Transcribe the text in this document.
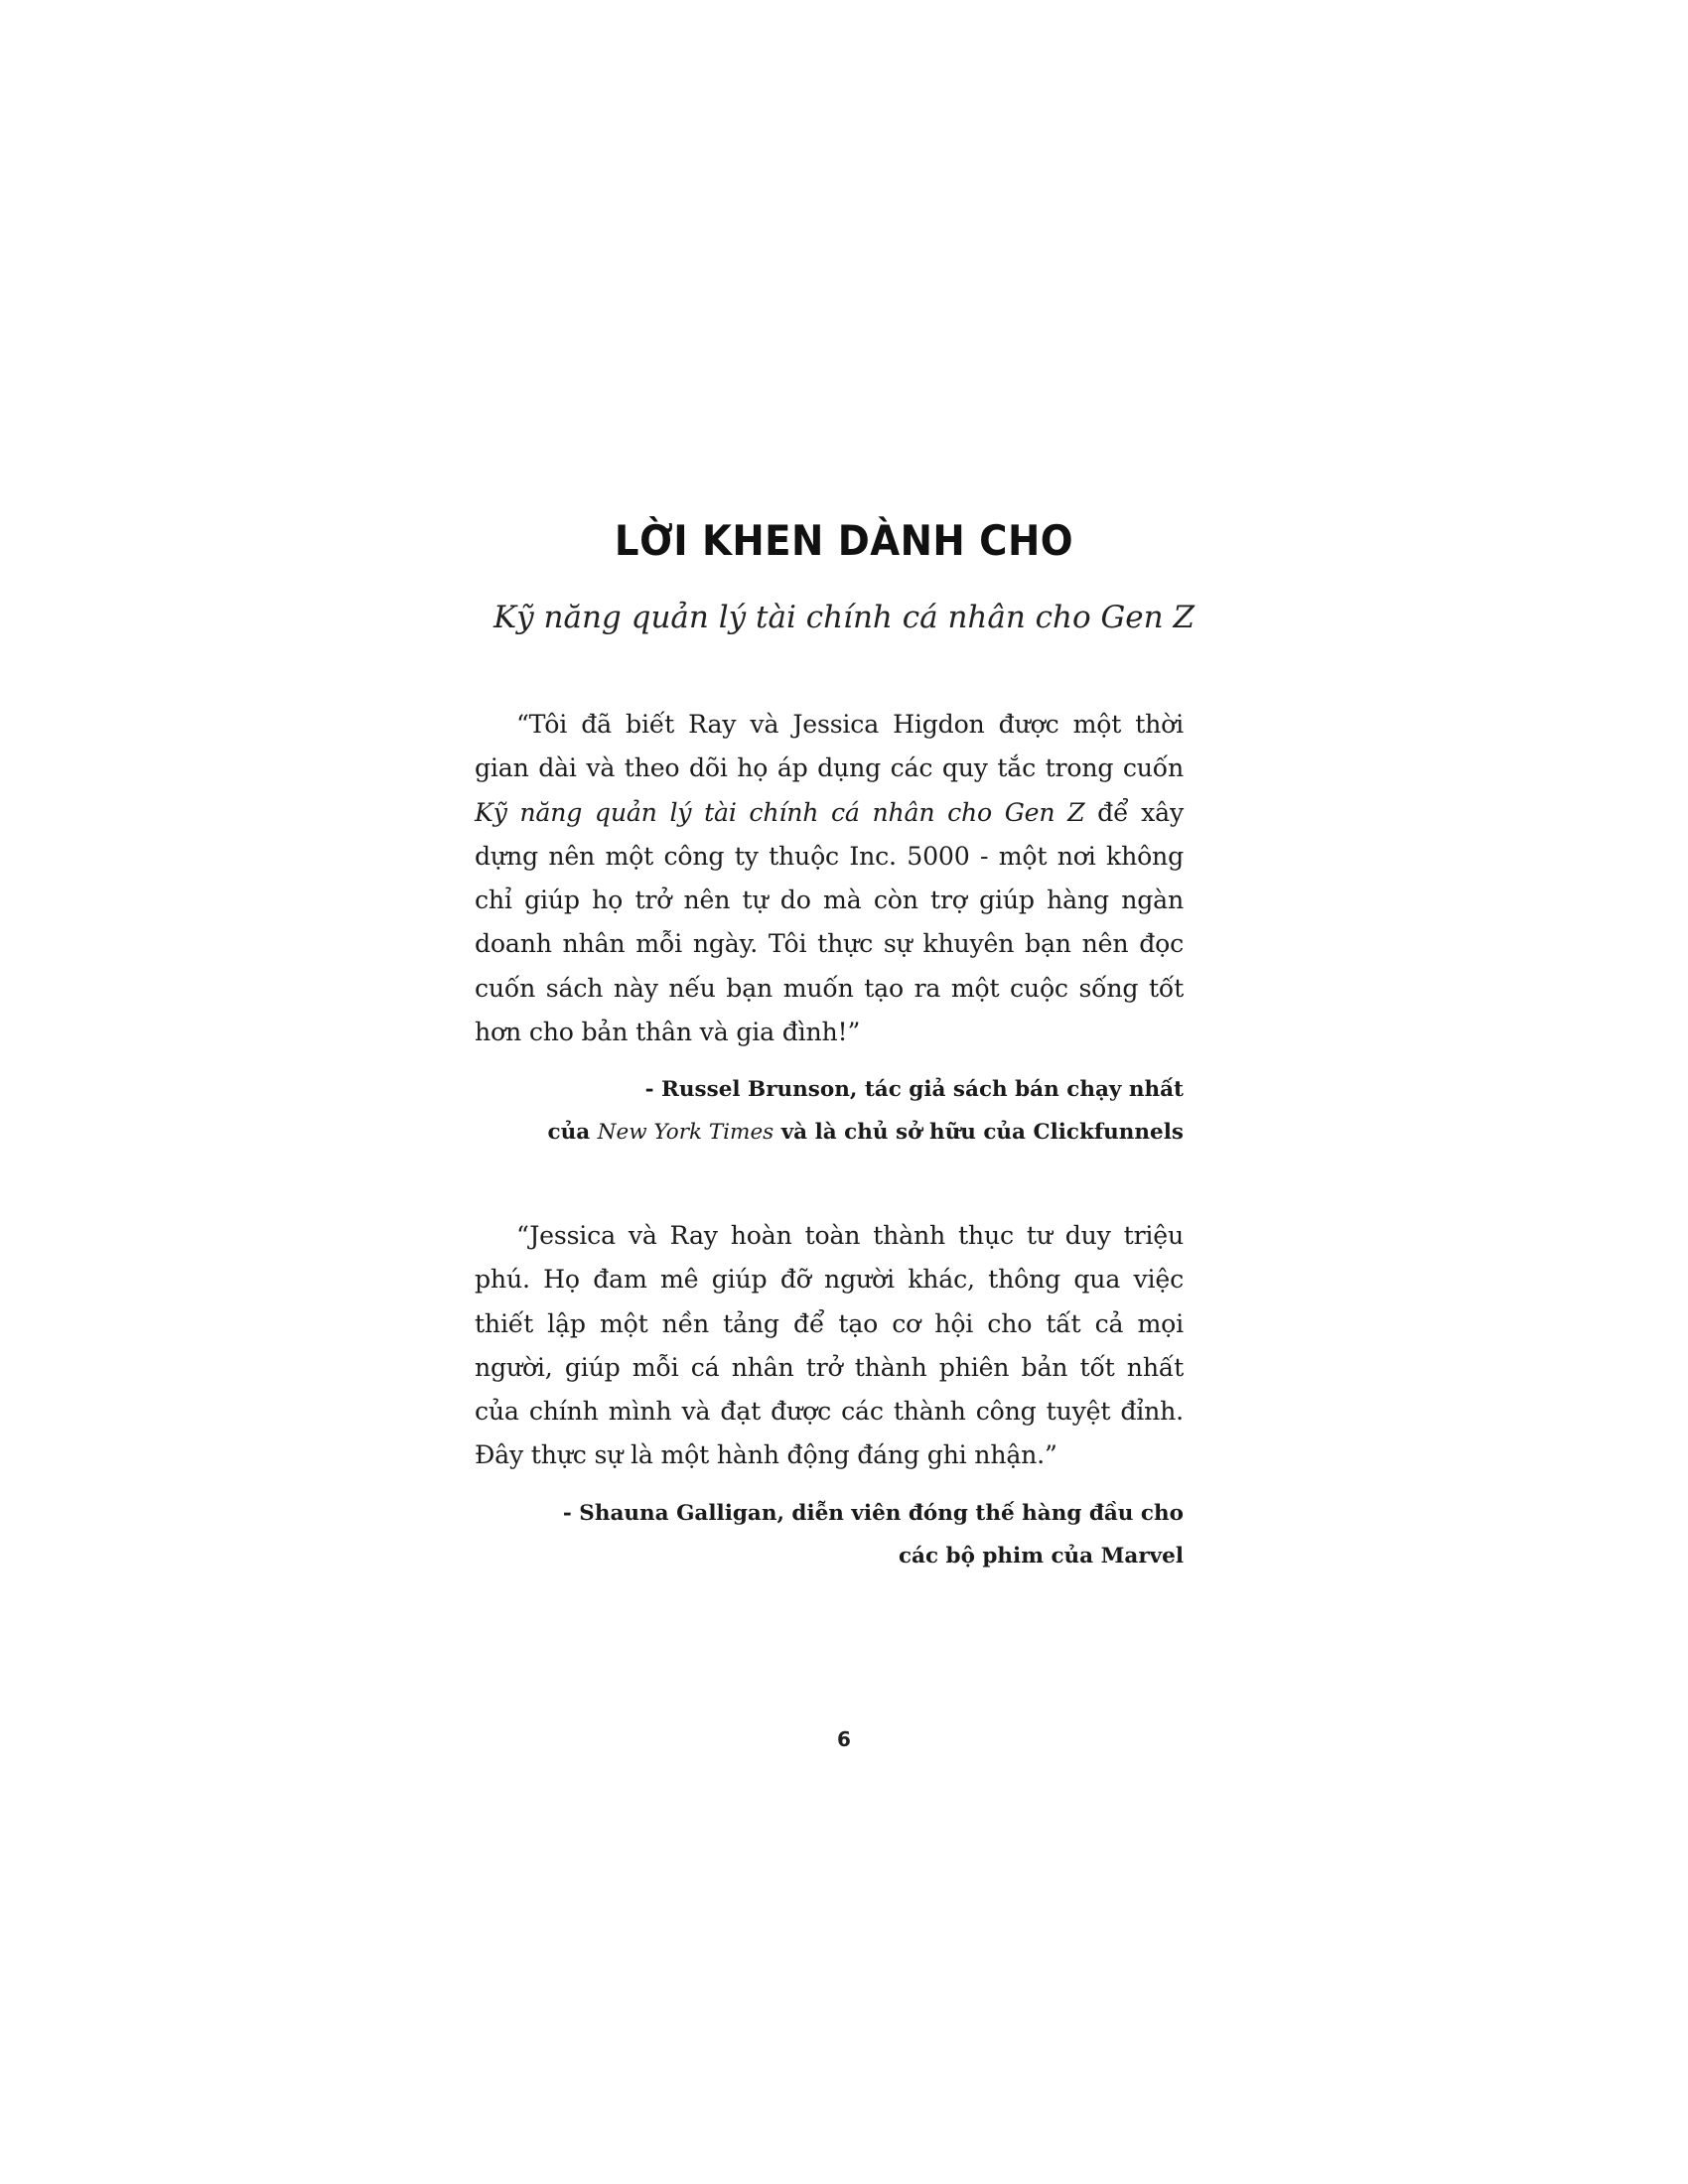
LỜI KHEN DÀNH CHO
Kỹ năng quản lý tài chính cá nhân cho Gen Z

“Tôi đã biết Ray và Jessica Higdon được một thời gian dài và theo dõi họ áp dụng các quy tắc trong cuốn Kỹ năng quản lý tài chính cá nhân cho Gen Z để xây dựng nên một công ty thuộc Inc. 5000 - một nơi không chỉ giúp họ trở nên tự do mà còn trợ giúp hàng ngàn doanh nhân mỗi ngày. Tôi thực sự khuyên bạn nên đọc cuốn sách này nếu bạn muốn tạo ra một cuộc sống tốt hơn cho bản thân và gia đình!”

- Russel Brunson, tác giả sách bán chạy nhất
của New York Times và là chủ sở hữu của Clickfunnels

“Jessica và Ray hoàn toàn thành thục tư duy triệu phú. Họ đam mê giúp đỡ người khác, thông qua việc thiết lập một nền tảng để tạo cơ hội cho tất cả mọi người, giúp mỗi cá nhân trở thành phiên bản tốt nhất của chính mình và đạt được các thành công tuyệt đỉnh. Đây thực sự là một hành động đáng ghi nhận.”

- Shauna Galligan, diễn viên đóng thế hàng đầu cho
các bộ phim của Marvel

6
